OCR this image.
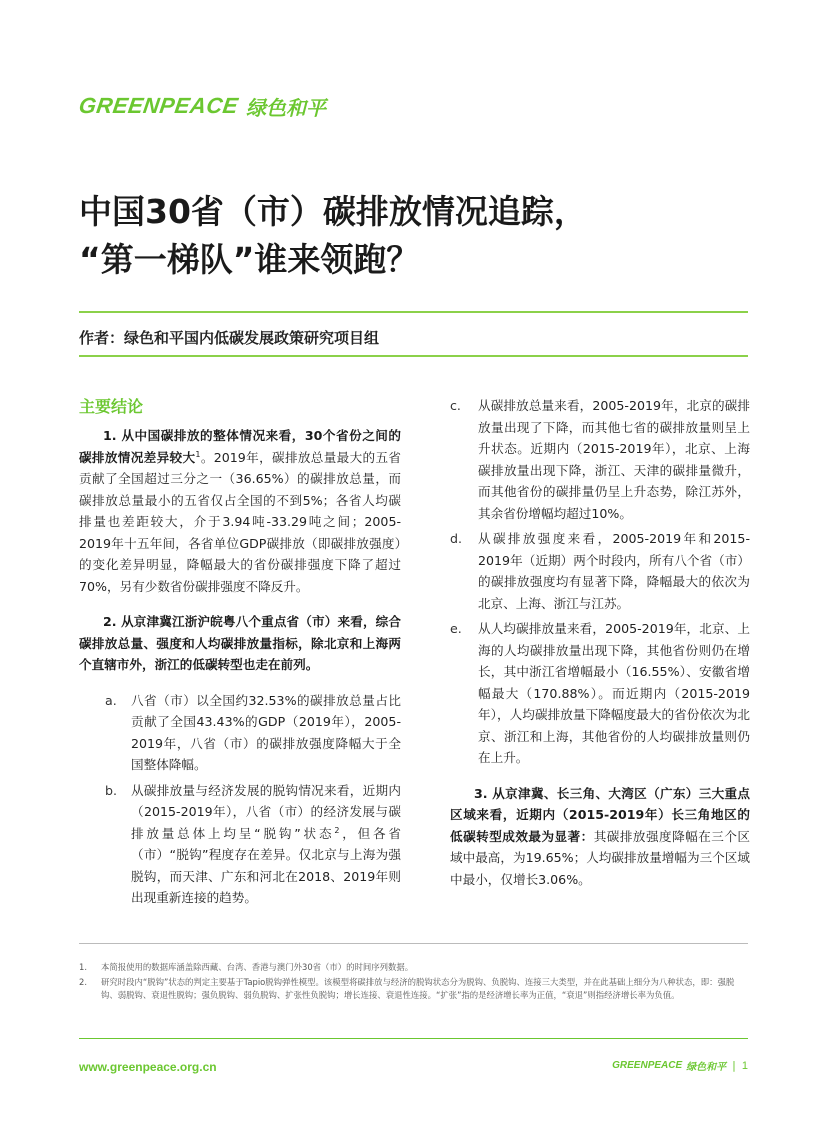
GREENPEACE 绿色和平
中国30省（市）碳排放情况追踪，
“第一梯队”谁来领跑？
作者：绿色和平国内低碳发展政策研究项目组
主要结论

1. 从中国碳排放的整体情况来看，30个省份之间的碳排放情况差异较大$^1$。2019年，碳排放总量最大的五省贡献了全国超过三分之一（36.65%）的碳排放总量，而碳排放总量最小的五省仅占全国的不到5%；各省人均碳排量也差距较大，介于3.94吨-33.29吨之间；2005-2019年十五年间，各省单位GDP碳排放（即碳排放强度）的变化差异明显，降幅最大的省份碳排强度下降了超过70%，另有少数省份碳排强度不降反升。

2. 从京津冀江浙沪皖粤八个重点省（市）来看，综合碳排放总量、强度和人均碳排放量指标，除北京和上海两个直辖市外，浙江的低碳转型也走在前列。

a.	八省（市）以全国约32.53%的碳排放总量占比贡献了全国43.43%的GDP（2019年），2005-2019年，八省（市）的碳排放强度降幅大于全国整体降幅。
b.	从碳排放量与经济发展的脱钩情况来看，近期内（2015-2019年），八省（市）的经济发展与碳排放量总体上均呈“脱钩”状态$^2$，但各省（市）“脱钩”程度存在差异。仅北京与上海为强脱钩，而天津、广东和河北在2018、2019年则出现重新连接的趋势。
c.	从碳排放总量来看，2005-2019年，北京的碳排放量出现了下降，而其他七省的碳排放量则呈上升状态。近期内（2015-2019年），北京、上海碳排放量出现下降，浙江、天津的碳排量微升，而其他省份的碳排量仍呈上升态势，除江苏外，其余省份增幅均超过10%。
d.	从碳排放强度来看，2005-2019年和2015-2019年（近期）两个时段内，所有八个省（市）的碳排放强度均有显著下降，降幅最大的依次为北京、上海、浙江与江苏。
e.	从人均碳排放量来看，2005-2019年，北京、上海的人均碳排放量出现下降，其他省份则仍在增长，其中浙江省增幅最小（16.55%）、安徽省增幅最大（170.88%）。而近期内（2015-2019年），人均碳排放量下降幅度最大的省份依次为北京、浙江和上海，其他省份的人均碳排放量则仍在上升。

3. 从京津冀、长三角、大湾区（广东）三大重点区域来看，近期内（2015-2019年）长三角地区的低碳转型成效最为显著：其碳排放强度降幅在三个区域中最高，为19.65%；人均碳排放量增幅为三个区域中最小，仅增长3.06%。

1.	本简报使用的数据库涵盖除西藏、台湾、香港与澳门外30省（市）的时间序列数据。
2.	研究时段内“脱钩”状态的判定主要基于Tapio脱钩弹性模型。该模型将碳排放与经济的脱钩状态分为脱钩、负脱钩、连接三大类型，并在此基础上细分为八种状态，即：强脱钩、弱脱钩、衰退性脱钩；强负脱钩、弱负脱钩、扩张性负脱钩；增长连接、衰退性连接。“扩张”指的是经济增长率为正值，“衰退”则指经济增长率为负值。
www.greenpeace.org.cn	GREENPEACE 绿色和平 | 1
